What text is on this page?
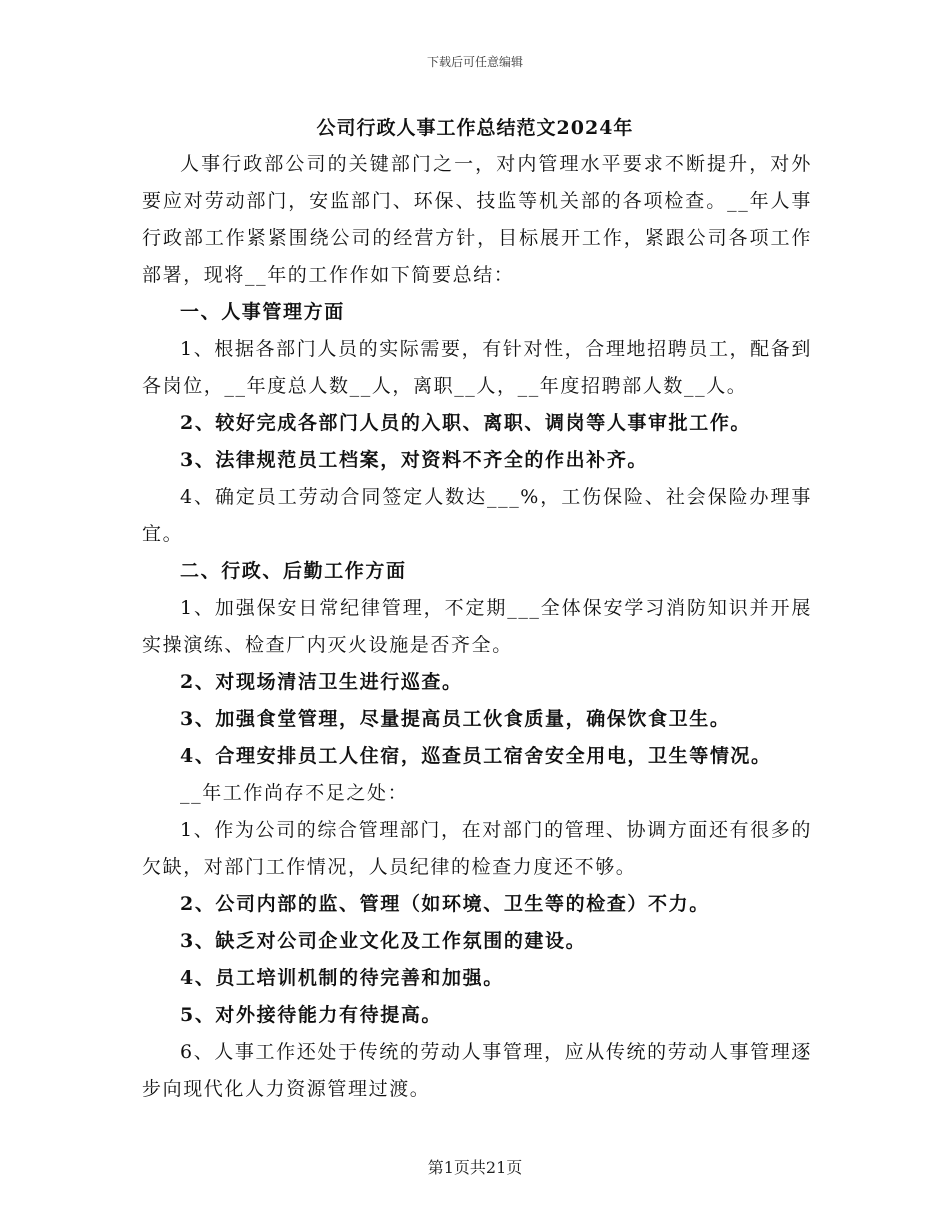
下载后可任意编辑
公司行政人事工作总结范文2024年

人事行政部公司的关键部门之一，对内管理水平要求不断提升，对外要应对劳动部门，安监部门、环保、技监等机关部的各项检查。__年人事行政部工作紧紧围绕公司的经营方针，目标展开工作，紧跟公司各项工作部署，现将__年的工作作如下简要总结：

一、人事管理方面

1、根据各部门人员的实际需要，有针对性，合理地招聘员工，配备到各岗位，__年度总人数__人，离职__人，__年度招聘部人数__人。

2、较好完成各部门人员的入职、离职、调岗等人事审批工作。

3、法律规范员工档案，对资料不齐全的作出补齐。

4、确定员工劳动合同签定人数达___%，工伤保险、社会保险办理事宜。

二、行政、后勤工作方面

1、加强保安日常纪律管理，不定期___全体保安学习消防知识并开展实操演练、检查厂内灭火设施是否齐全。

2、对现场清洁卫生进行巡查。

3、加强食堂管理，尽量提高员工伙食质量，确保饮食卫生。

4、合理安排员工人住宿，巡查员工宿舍安全用电，卫生等情况。

__年工作尚存不足之处：

1、作为公司的综合管理部门，在对部门的管理、协调方面还有很多的欠缺，对部门工作情况，人员纪律的检查力度还不够。

2、公司内部的监、管理（如环境、卫生等的检查）不力。

3、缺乏对公司企业文化及工作氛围的建设。

4、员工培训机制的待完善和加强。

5、对外接待能力有待提高。

6、人事工作还处于传统的劳动人事管理，应从传统的劳动人事管理逐步向现代化人力资源管理过渡。

第1页共21页
